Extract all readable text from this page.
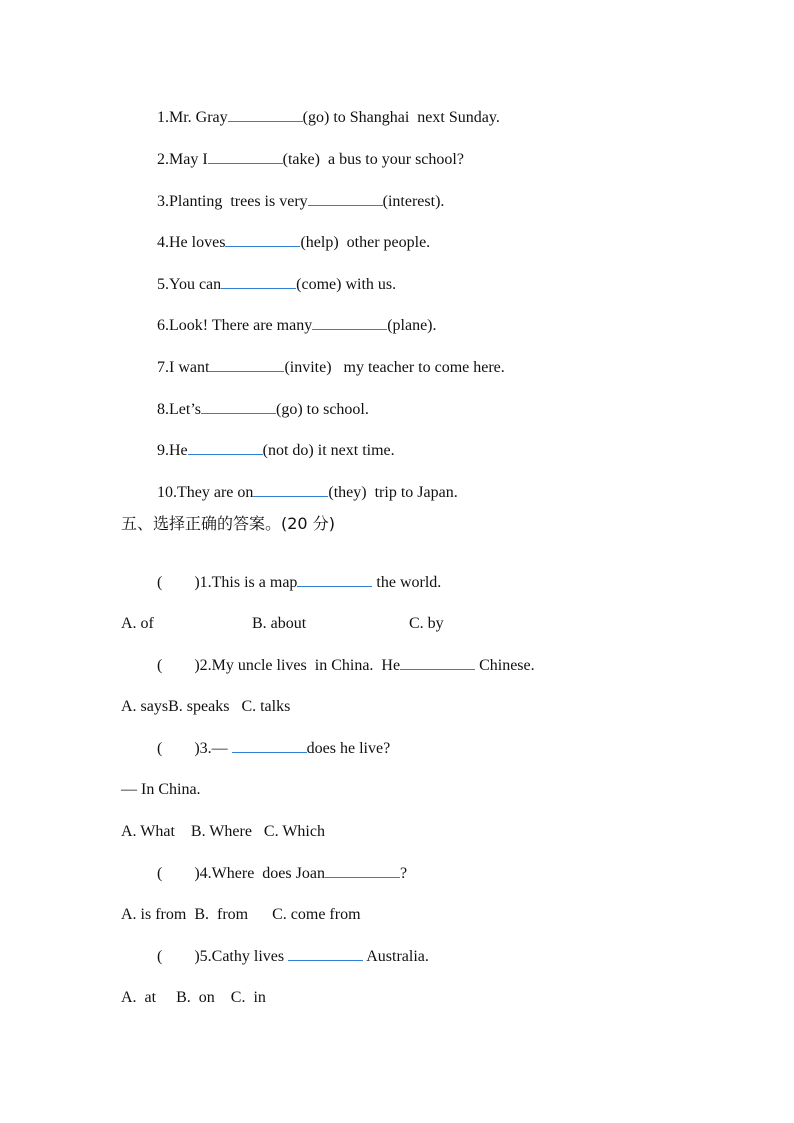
1.Mr. Gray	(go) to Shanghai  next Sunday.
2.May I	(take)  a bus to your school?
3.Planting  trees is very	(interest).
4.He loves	(help)  other people.
5.You can	(come) with us.
6.Look! There are many	(plane).
7.I want	(invite)   my teacher to come here.
8.Let’s	(go) to school.
9.He	(not do) it next time.
10.They are on	(they)  trip to Japan.
五、选择正确的答案。(20 分)
(        )1.This is a map	the world.
A. of	B. about	C. by
(        )2.My uncle lives  in China.  He	Chinese.
A. saysB. speaks   C. talks
(        )3.—	does he live?
— In China.
A. What    B. Where   C. Which
(        )4.Where  does Joan	?
A. is from  B.  from      C. come from
(        )5.Cathy lives	Australia.
A.  at     B.  on    C.  in
